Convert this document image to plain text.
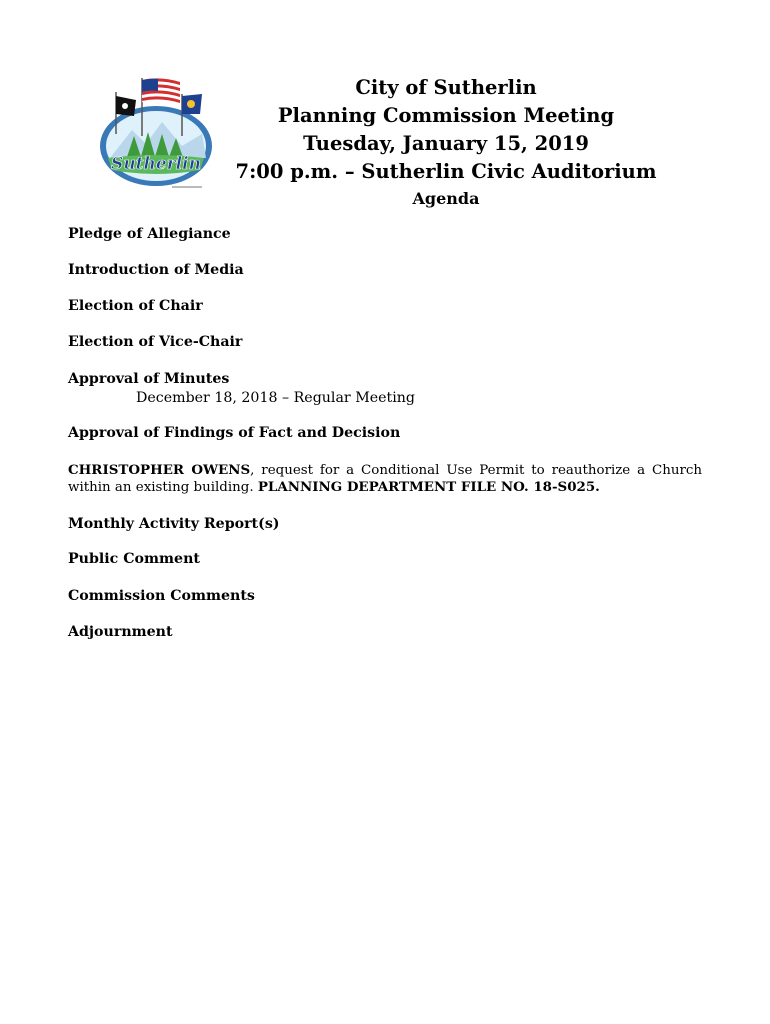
Sutherlin
City of Sutherlin
Planning Commission Meeting
Tuesday, January 15, 2019
7:00 p.m. – Sutherlin Civic Auditorium
Agenda
Pledge of Allegiance
Introduction of Media
Election of Chair
Election of Vice-Chair
Approval of Minutes
December 18, 2018 – Regular Meeting
Approval of Findings of Fact and Decision
CHRISTOPHER OWENS, request for a Conditional Use Permit to reauthorize a Church
within an existing building. PLANNING DEPARTMENT FILE NO. 18-S025.
Monthly Activity Report(s)
Public Comment
Commission Comments
Adjournment
